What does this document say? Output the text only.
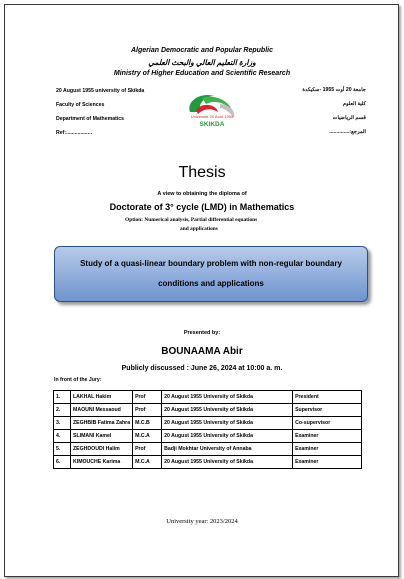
Algerian Democratic and Popular Republic
وزارة التعليم العالي والبحث العلمي
Ministry of Higher Education and Scientific Research
20 August 1955 university of Skikda
Faculty of Sciences
Department of Mathematics
Ref:..................
جامعة 20 أوت 1955 -سكيكدة
كلية العلوم
قسم الرياضيات
المرجع:..............
Université 20 Août 1955
SKIKDA
Thesis
A view to obtaining the diploma of
Doctorate of 3° cycle (LMD) in Mathematics
Option: Numerical analysis, Partial differential equations
and applications
Study of a quasi-linear boundary problem with non-regular boundary conditions and applications
Presented by:
BOUNAAMA Abir
Publicly discussed : June 26, 2024 at 10:00 a. m.
In front of the Jury:
1.	LAKHAL Hakim	Prof	20 August 1955 University of Skikda	President
2.	MAOUNI Messaoud	Prof	20 August 1955 University of Skikda	Supervisor
3.	ZEGHBIB Fatima Zahra	M.C.B	20 August 1955 University of Skikda	Co-supervisor
4.	SLIMANI Kamel	M.C.A	20 August 1955 University of Skikda	Examiner
5.	ZEGHDOUDI Halim	Prof	Badji Mokhtar University of Annaba	Examiner
6.	KIMOUCHE Karima	M.C.A	20 August 1955 University of Skikda	Examiner
University year: 2023/2024
